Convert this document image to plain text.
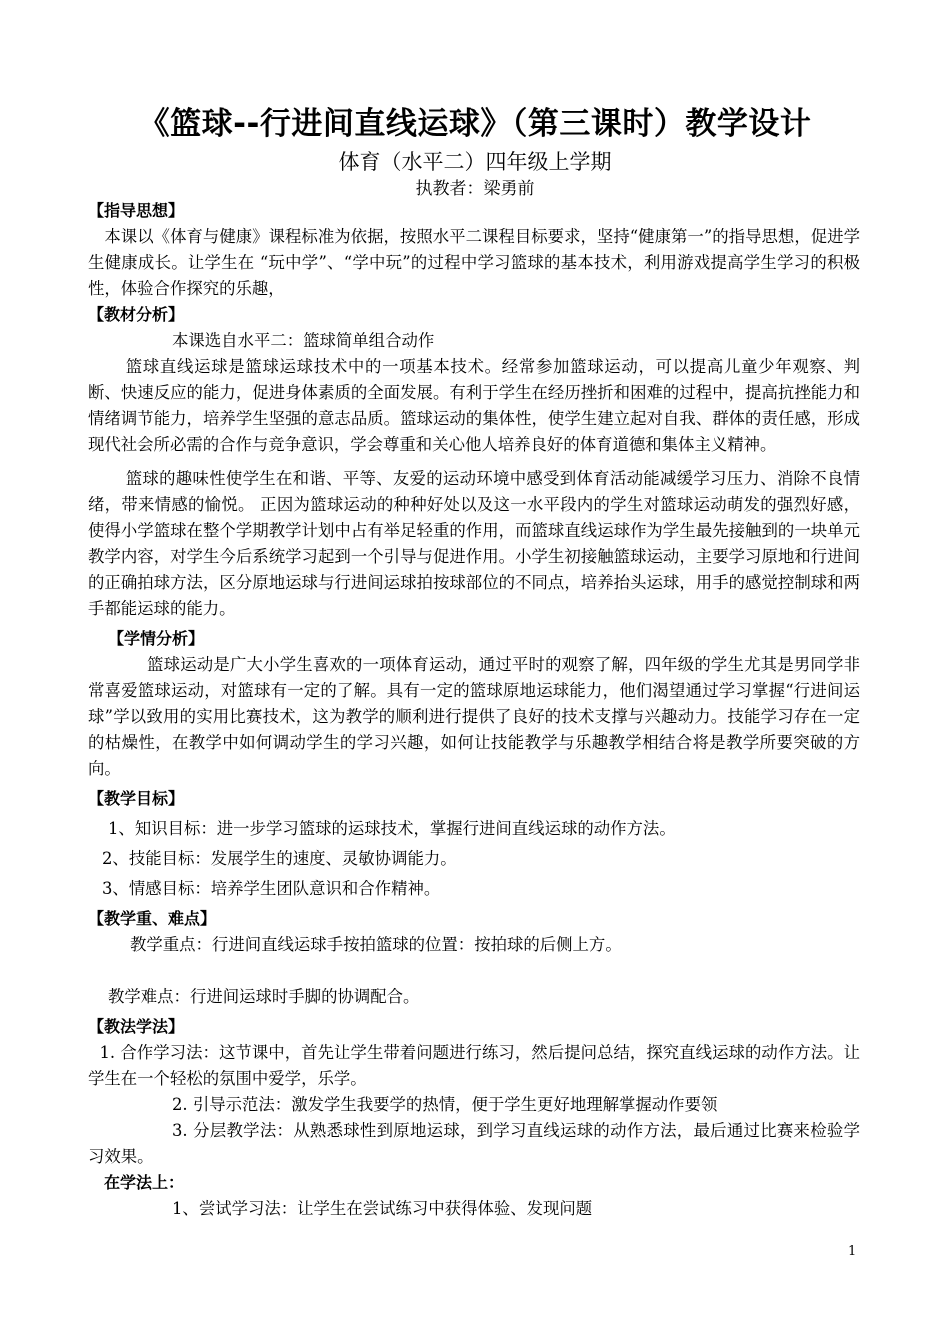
《篮球--行进间直线运球》（第三课时）教学设计
体育（水平二）四年级上学期
执教者：梁勇前
【指导思想】

本课以《体育与健康》课程标准为依据，按照水平二课程目标要求，坚持“健康第一”的指导思想，促进学生健康成长。让学生在 “玩中学”、“学中玩”的过程中学习篮球的基本技术，利用游戏提高学生学习的积极性，体验合作探究的乐趣，

【教材分析】

本课选自水平二：篮球简单组合动作

篮球直线运球是篮球运球技术中的一项基本技术。经常参加篮球运动，可以提高儿童少年观察、判断、快速反应的能力，促进身体素质的全面发展。有利于学生在经历挫折和困难的过程中，提高抗挫能力和情绪调节能力，培养学生坚强的意志品质。篮球运动的集体性，使学生建立起对自我、群体的责任感，形成现代社会所必需的合作与竞争意识，学会尊重和关心他人培养良好的体育道德和集体主义精神。

篮球的趣味性使学生在和谐、平等、友爱的运动环境中感受到体育活动能减缓学习压力、消除不良情绪，带来情感的愉悦。 正因为篮球运动的种种好处以及这一水平段内的学生对篮球运动萌发的强烈好感，使得小学篮球在整个学期教学计划中占有举足轻重的作用，而篮球直线运球作为学生最先接触到的一块单元教学内容，对学生今后系统学习起到一个引导与促进作用。小学生初接触篮球运动，主要学习原地和行进间的正确拍球方法，区分原地运球与行进间运球拍按球部位的不同点，培养抬头运球，用手的感觉控制球和两手都能运球的能力。

【学情分析】

篮球运动是广大小学生喜欢的一项体育运动，通过平时的观察了解，四年级的学生尤其是男同学非常喜爱篮球运动，对篮球有一定的了解。具有一定的篮球原地运球能力，他们渴望通过学习掌握“行进间运球”学以致用的实用比赛技术，这为教学的顺利进行提供了良好的技术支撑与兴趣动力。技能学习存在一定的枯燥性，在教学中如何调动学生的学习兴趣，如何让技能教学与乐趣教学相结合将是教学所要突破的方向。

【教学目标】

1、知识目标：进一步学习篮球的运球技术，掌握行进间直线运球的动作方法。

2、技能目标：发展学生的速度、灵敏协调能力。

3、情感目标：培养学生团队意识和合作精神。

【教学重、难点】

教学重点：行进间直线运球手按拍篮球的位置：按拍球的后侧上方。

教学难点：行进间运球时手脚的协调配合。

【教法学法】

1. 合作学习法：这节课中，首先让学生带着问题进行练习，然后提问总结，探究直线运球的动作方法。让学生在一个轻松的氛围中爱学，乐学。

2. 引导示范法：激发学生我要学的热情，便于学生更好地理解掌握动作要领

3. 分层教学法：从熟悉球性到原地运球，到学习直线运球的动作方法，最后通过比赛来检验学习效果。

在学法上：

1、尝试学习法：让学生在尝试练习中获得体验、发现问题

1
